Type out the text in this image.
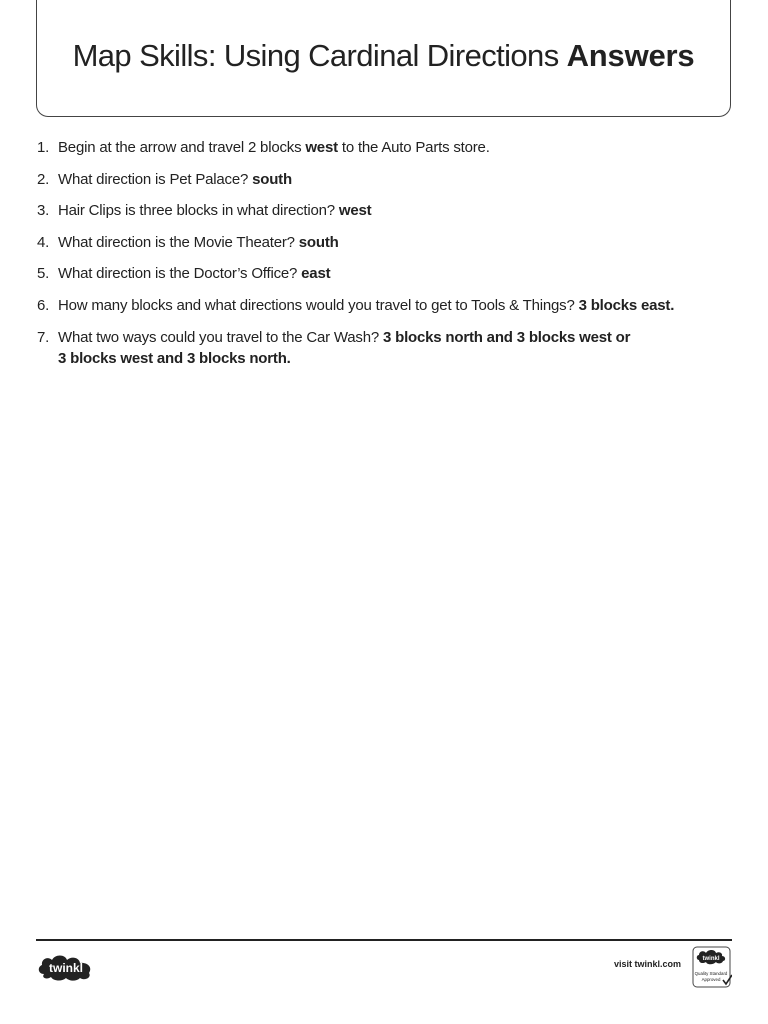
Map Skills: Using Cardinal Directions Answers
1. Begin at the arrow and travel 2 blocks west to the Auto Parts store.
2. What direction is Pet Palace? south
3. Hair Clips is three blocks in what direction? west
4. What direction is the Movie Theater? south
5. What direction is the Doctor’s Office? east
6. How many blocks and what directions would you travel to get to Tools & Things? 3 blocks east.
7. What two ways could you travel to the Car Wash? 3 blocks north and 3 blocks west or
3 blocks west and 3 blocks north.
twinkl	visit twinkl.com	twinkl
Quality Standard
Approved
